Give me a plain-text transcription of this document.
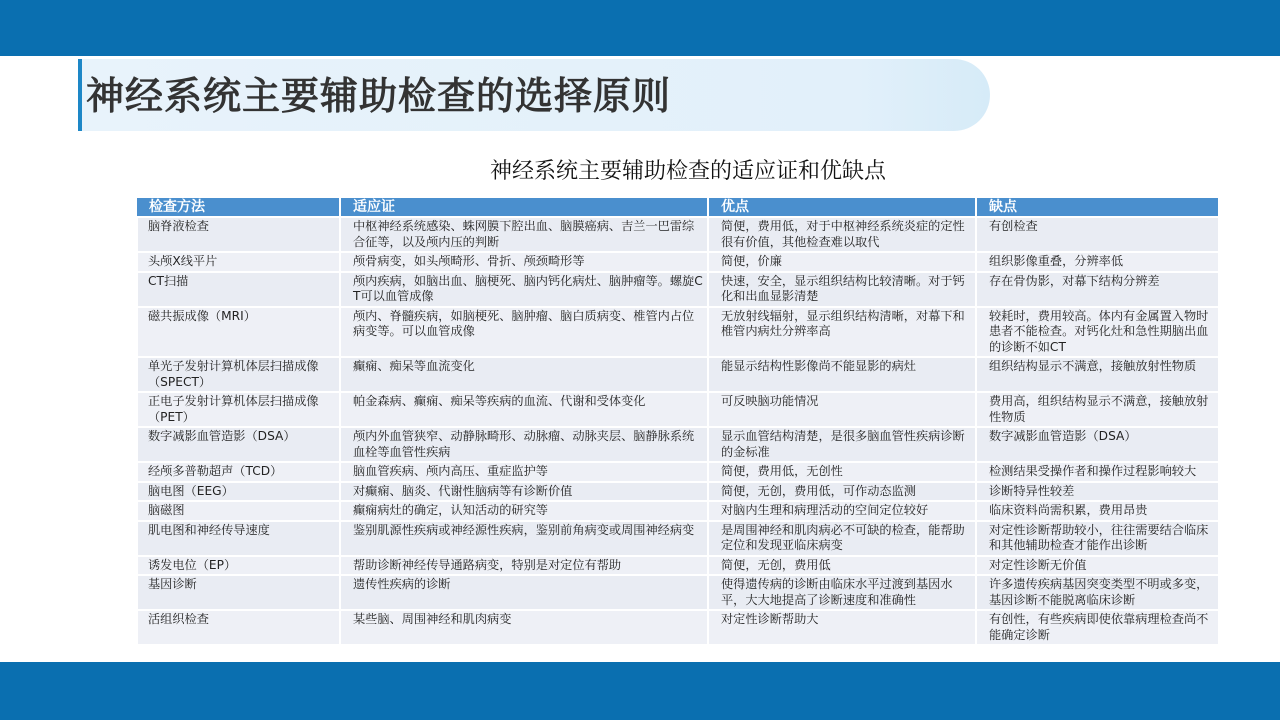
神经系统主要辅助检查的选择原则
神经系统主要辅助检查的适应证和优缺点
检查方法	适应证	优点	缺点
脑脊液检查	中枢神经系统感染、蛛网膜下腔出血、脑膜癌病、吉兰一巴雷综合征等，以及颅内压的判断	简便，费用低，对于中枢神经系统炎症的定性很有价值，其他检查难以取代	有创检查
头颅X线平片	颅骨病变，如头颅畸形、骨折、颅颈畸形等	简便，价廉	组织影像重叠，分辨率低
CT扫描	颅内疾病，如脑出血、脑梗死、脑内钙化病灶、脑肿瘤等。螺旋CT可以血管成像	快速，安全，显示组织结构比较清晰。对于钙化和出血显影清楚	存在骨伪影，对幕下结构分辨差
磁共振成像（MRI）	颅内、脊髓疾病，如脑梗死、脑肿瘤、脑白质病变、椎管内占位病变等。可以血管成像	无放射线辐射，显示组织结构清晰，对幕下和椎管内病灶分辨率高	较耗时，费用较高。体内有金属置入物时患者不能检查。对钙化灶和急性期脑出血的诊断不如CT
单光子发射计算机体层扫描成像（SPECT）	癫痫、痴呆等血流变化	能显示结构性影像尚不能显影的病灶	组织结构显示不满意，接触放射性物质
正电子发射计算机体层扫描成像（PET）	帕金森病、癫痫、痴呆等疾病的血流、代谢和受体变化	可反映脑功能情况	费用高，组织结构显示不满意，接触放射性物质
数字减影血管造影（DSA）	颅内外血管狭窄、动静脉畸形、动脉瘤、动脉夹层、脑静脉系统血栓等血管性疾病	显示血管结构清楚，是很多脑血管性疾病诊断的金标准	数字减影血管造影（DSA）
经颅多普勒超声（TCD）	脑血管疾病、颅内高压、重症监护等	简便，费用低，无创性	检测结果受操作者和操作过程影响较大
脑电图（EEG）	对癫痫、脑炎、代谢性脑病等有诊断价值	简便，无创，费用低，可作动态监测	诊断特异性较差
脑磁图	癫痫病灶的确定，认知活动的研究等	对脑内生理和病理活动的空间定位较好	临床资料尚需积累，费用昂贵
肌电图和神经传导速度	鉴别肌源性疾病或神经源性疾病，鉴别前角病变或周围神经病变	是周围神经和肌肉病必不可缺的检查，能帮助定位和发现亚临床病变	对定性诊断帮助较小，往往需要结合临床和其他辅助检查才能作出诊断
诱发电位（EP）	帮助诊断神经传导通路病变，特别是对定位有帮助	简便，无创，费用低	对定性诊断无价值
基因诊断	遗传性疾病的诊断	使得遗传病的诊断由临床水平过渡到基因水平，大大地提高了诊断速度和准确性	许多遗传疾病基因突变类型不明或多变，基因诊断不能脱离临床诊断
活组织检查	某些脑、周围神经和肌肉病变	对定性诊断帮助大	有创性，有些疾病即使依靠病理检查尚不能确定诊断
